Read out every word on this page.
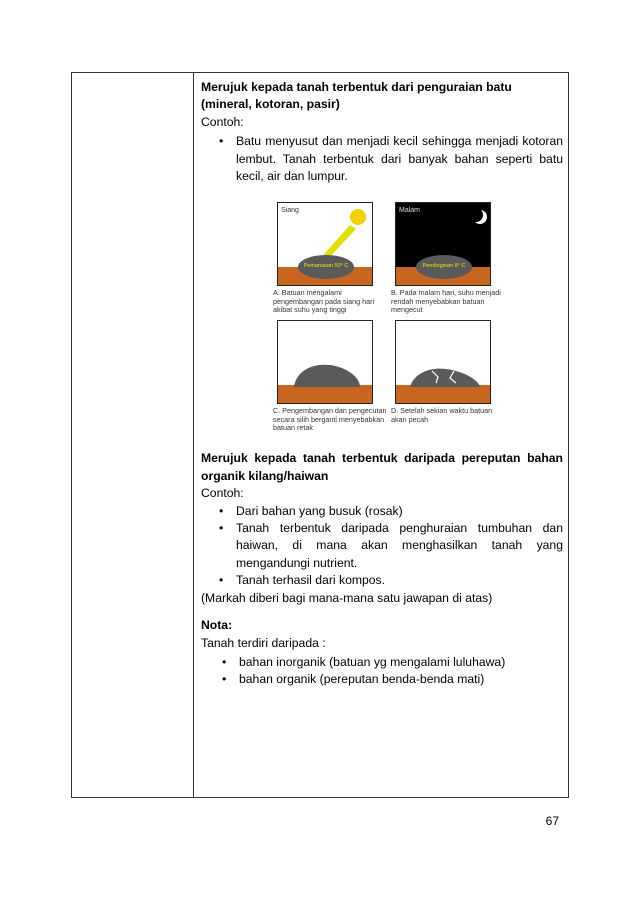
Merujuk kepada tanah terbentuk dari penguraian batu (mineral, kotoran, pasir)
Contoh:
• Batu menyusut dan menjadi kecil sehingga menjadi kotoran lembut. Tanah terbentuk dari banyak bahan seperti batu kecil, air dan lumpur.
Siang
Pemanasan 50° C
Malam
Pendinginan 8° C
A. Batuan mengalami pengembangan pada siang hari akibat suhu yang tinggi
B. Pada malam hari, suhu menjadi rendah menyebabkan batuan mengecut
C. Pengembangan dan pengecutan secara silih berganti menyebabkan batuan retak
D. Setelah sekian waktu batuan akan pecah
Merujuk kepada tanah terbentuk daripada pereputan bahan organik kilang/haiwan
Contoh:
• Dari bahan yang busuk (rosak)
• Tanah terbentuk daripada penghuraian tumbuhan dan haiwan, di mana akan menghasilkan tanah yang mengandungi nutrient.
• Tanah terhasil dari kompos.
(Markah diberi bagi mana-mana satu jawapan di atas)
Nota:
Tanah terdiri daripada :
• bahan inorganik (batuan yg mengalami luluhawa)
• bahan organik (pereputan benda-benda mati)
67
